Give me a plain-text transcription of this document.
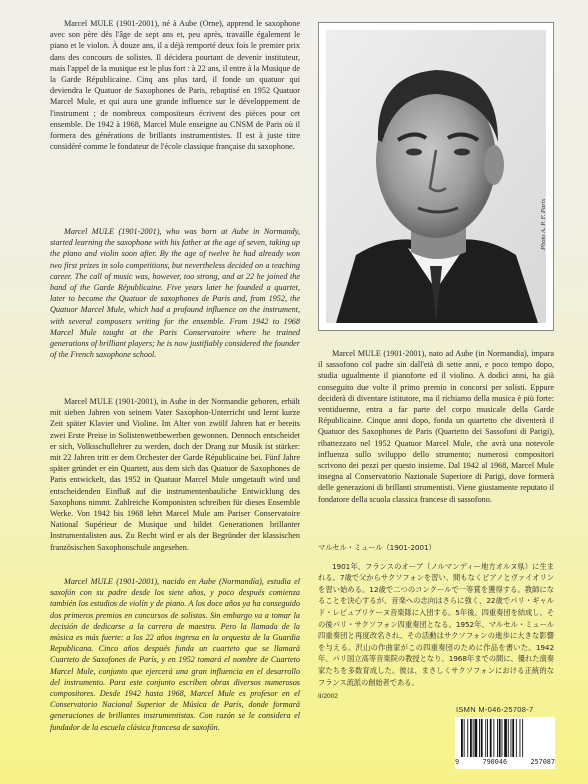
Marcel MULE (1901-2001), né à Aube (Orne), apprend le saxophone avec son père dès l'âge de sept ans et, peu après, travaille également le piano et le violon. À douze ans, il a déjà remporté deux fois le premier prix dans des concours de solistes. Il décidera pourtant de devenir instituteur, mais l'appel de la musique est le plus fort : à 22 ans, il entre à la Musique de la Garde Républicaine. Cinq ans plus tard, il fonde un quatuor qui deviendra le Quatuor de Saxophones de Paris, rebaptisé en 1952 Quatuor Marcel Mule, et qui aura une grande influence sur le développement de l'instrument ; de nombreux compositeurs écrivent des pièces pour cet ensemble. De 1942 à 1968, Marcel Mule enseigne au CNSM de Paris où il formera des générations de brillants instrumentistes. Il est à juste titre considéré comme le fondateur de l'école classique française du saxophone.

Marcel MULE (1901-2001), who was born at Aube in Normandy, started learning the saxophone with his father at the age of seven, taking up the piano and violin soon after. By the age of twelve he had already won two first prizes in solo competitions, but nevertheless decided on a teaching career. The call of music was, however, too strong, and at 22 he joined the band of the Garde Républicaine. Five years later he founded a quartet, later to become the Quatuor de saxophones de Paris and, from 1952, the Quatuor Marcel Mule, which had a profound influence on the instrument, with several composers writing for the ensemble. From 1942 to 1968 Marcel Mule taught at the Paris Conservatoire where he trained generations of brilliant players; he is now justifiably considered the founder of the French saxophone school.

Marcel MULE (1901-2001), in Aube in der Normandie geboren, erhält mit sieben Jahren von seinem Vater Saxophon-Unterricht und lernt kurze Zeit später Klavier und Violine. Im Alter von zwölf Jahren hat er bereits zwei Erste Preise in Solistenwettbewerben gewonnen. Dennoch entscheidet er sich, Volksschullehrer zu werden, doch der Drang zur Musik ist stärker: mit 22 Jahren tritt er dem Orchester der Garde Républicaine bei. Fünf Jahre später gründet er ein Quartett, aus dem sich das Quatuor de Saxophones de Paris entwickelt, das 1952 in Quatuor Marcel Mule umgetauft wird und entscheidenden Einfluß auf die instrumentenbauliche Entwicklung des Saxophons nimmt. Zahlreiche Komponisten schreiben für dieses Ensemble Werke. Von 1942 bis 1968 lehrt Marcel Mule am Pariser Conservatoire National Supérieur de Musique und bildet Generationen brillanter Instrumentalisten aus. Zu Recht wird er als der Begründer der klassischen französischen Saxophonschule angesehen.

Marcel MULE (1901-2001), nacido en Aube (Normandía), estudia el saxofón con su padre desde los siete años, y poco después comienza también los estudios de violín y de piano. A los doce años ya ha conseguido dos primeros premios en concursos de solistas. Sin embargo va a tomar la decisión de dedicarse a la carrera de maestro. Pero la llamada de la música es más fuerte: a los 22 años ingresa en la orquesta de la Guardia Republicana. Cinco años después funda un cuarteto que se llamará Cuarteto de Saxofones de París, y en 1952 tomará el nombre de Cuarteto Marcel Mule, conjunto que ejercerá una gran influencia en el desarrollo del instrumento. Para este conjunto escriben obras diversos numerosos compositores. Desde 1942 hasta 1968, Marcel Mule es profesor en el Conservatorio Nacional Superior de Música de París, donde formará generaciones de brillantes instrumentistas. Con razón se le considera el fundador de la escuela clásica francesa de saxofón.

Photo A. P. F. Paris

Marcel MULE (1901-2001), nato ad Aube (in Normandia), impara il sassofono col padre sin dall'età di sette anni, e poco tempo dopo, studia ugualmente il pianoforte ed il violino. A dodici anni, ha già conseguito due volte il primo premio in concorsi per solisti. Eppure deciderà di diventare istitutore, ma il richiamo della musica è più forte: ventiduenne, entra a far parte del corpo musicale della Garde Républicaine. Cinque anni dopo, fonda un quartetto che diventerà il Quatuor des Saxophones de Paris (Quartetto dei Sassofoni di Parigi), ribattezzato nel 1952 Quatuor Marcel Mule, che avrà una notevole influenza sullo sviluppo dello strumento; numerosi compositori scrivono dei pezzi per questo insieme. Dal 1942 al 1968, Marcel Mule insegna al Conservatorio Nazionale Superiore di Parigi, dove formerà delle generazioni di brillanti strumentisti. Viene giustamente reputato il fondatore della scuola classica francese di sassofono.

マルセル・ミュール（1901-2001）

1901年、フランスのオーブ（ノルマンディー地方オルヌ県）に生まれる。7歳で父からサクソフォンを習い、間もなくピアノとヴァイオリンを習い始める。12歳で二つのコンクールで一等賞を獲得する。教師になることを決心するが、音楽への志向はさらに強く、22歳でパリ・ギャルド・レピュブリケーヌ音楽隊に入団する。5年後、四重奏団を結成し、その後パリ・サクソフォン四重奏団となる。1952年、マルセル・ミュール四重奏団と再度改名され、その活動はサクソフォンの進歩に大きな影響を与える。沢山の作曲家がこの四重奏団のために作品を書いた。1942年、パリ国立高等音楽院の教授となり、1968年までの間に、優れた演奏家たちを多数育成した。彼は、まさしくサクソフォンにおける正統的なフランス流派の創始者である。

II/2002
ISMN M-046-25708-7
9	790046	257087
